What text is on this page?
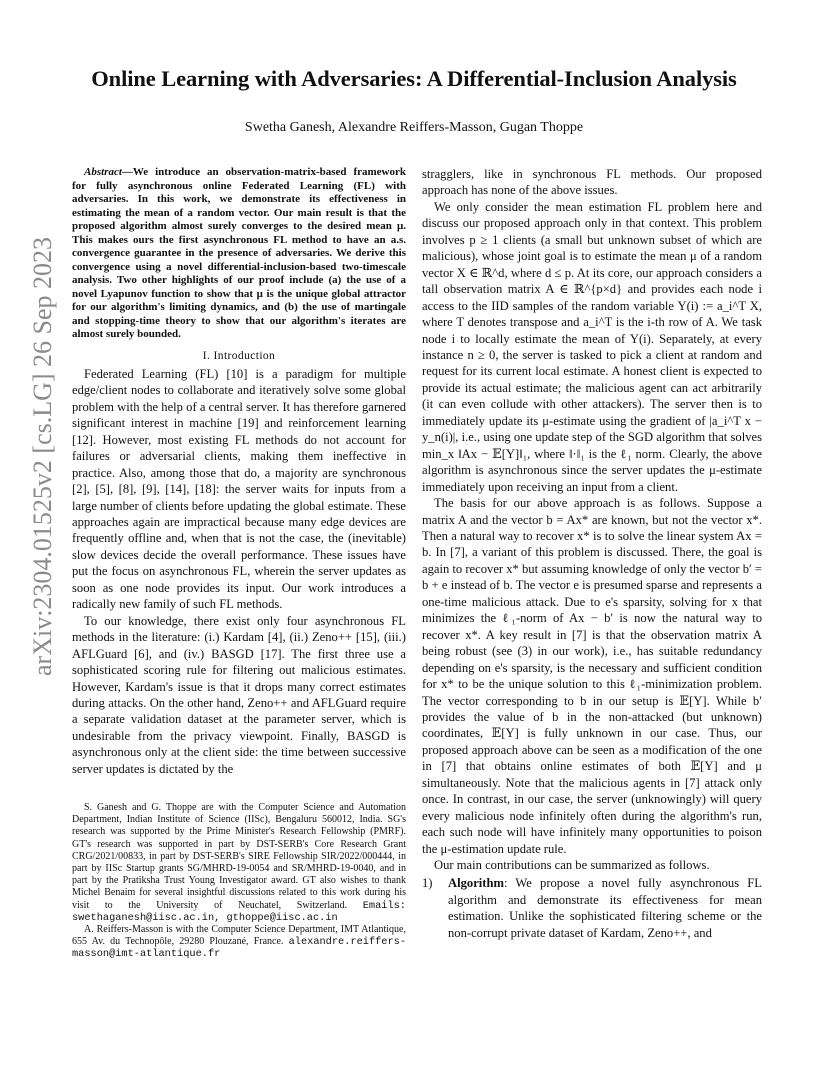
Online Learning with Adversaries: A Differential-Inclusion Analysis
Swetha Ganesh, Alexandre Reiffers-Masson, Gugan Thoppe
arXiv:2304.01525v2 [cs.LG] 26 Sep 2023
Abstract—We introduce an observation-matrix-based framework for fully asynchronous online Federated Learning (FL) with adversaries. In this work, we demonstrate its effectiveness in estimating the mean of a random vector. Our main result is that the proposed algorithm almost surely converges to the desired mean μ. This makes ours the first asynchronous FL method to have an a.s. convergence guarantee in the presence of adversaries. We derive this convergence using a novel differential-inclusion-based two-timescale analysis. Two other highlights of our proof include (a) the use of a novel Lyapunov function to show that μ is the unique global attractor for our algorithm's limiting dynamics, and (b) the use of martingale and stopping-time theory to show that our algorithm's iterates are almost surely bounded.
I. Introduction

Federated Learning (FL) [10] is a paradigm for multiple edge/client nodes to collaborate and iteratively solve some global problem with the help of a central server. It has therefore garnered significant interest in machine [19] and reinforcement learning [12]. However, most existing FL methods do not account for failures or adversarial clients, making them ineffective in practice. Also, among those that do, a majority are synchronous [2], [5], [8], [9], [14], [18]: the server waits for inputs from a large number of clients before updating the global estimate. These approaches again are impractical because many edge devices are frequently offline and, when that is not the case, the (inevitable) slow devices decide the overall performance. These issues have put the focus on asynchronous FL, wherein the server updates as soon as one node provides its input. Our work introduces a radically new family of such FL methods.

To our knowledge, there exist only four asynchronous FL methods in the literature: (i.) Kardam [4], (ii.) Zeno++ [15], (iii.) AFLGuard [6], and (iv.) BASGD [17]. The first three use a sophisticated scoring rule for filtering out malicious estimates. However, Kardam's issue is that it drops many correct estimates during attacks. On the other hand, Zeno++ and AFLGuard require a separate validation dataset at the parameter server, which is undesirable from the privacy viewpoint. Finally, BASGD is asynchronous only at the client side: the time between successive server updates is dictated by the

S. Ganesh and G. Thoppe are with the Computer Science and Automation Department, Indian Institute of Science (IISc), Bengaluru 560012, India. SG's research was supported by the Prime Minister's Research Fellowship (PMRF). GT's research was supported in part by DST-SERB's Core Research Grant CRG/2021/00833, in part by DST-SERB's SIRE Fellowship SIR/2022/000444, in part by IISc Startup grants SG/MHRD-19-0054 and SR/MHRD-19-0040, and in part by the Pratiksha Trust Young Investigator award. GT also wishes to thank Michel Benaim for several insightful discussions related to this work during his visit to the University of Neuchatel, Switzerland. Emails: swethaganesh@iisc.ac.in, gthoppe@iisc.ac.in

A. Reiffers-Masson is with the Computer Science Department, IMT Atlantique, 655 Av. du Technopôle, 29280 Plouzané, France. alexandre.reiffers-masson@imt-atlantique.fr

stragglers, like in synchronous FL methods. Our proposed approach has none of the above issues.

We only consider the mean estimation FL problem here and discuss our proposed approach only in that context. This problem involves p ≥ 1 clients (a small but unknown subset of which are malicious), whose joint goal is to estimate the mean μ of a random vector X ∈ ℝ^d, where d ≤ p. At its core, our approach considers a tall observation matrix A ∈ ℝ^{p×d} and provides each node i access to the IID samples of the random variable Y(i) := a_i^T X, where T denotes transpose and a_i^T is the i-th row of A. We task node i to locally estimate the mean of Y(i). Separately, at every instance n ≥ 0, the server is tasked to pick a client at random and request for its current local estimate. A honest client is expected to provide its actual estimate; the malicious agent can act arbitrarily (it can even collude with other attackers). The server then is to immediately update its μ-estimate using the gradient of |a_i^T x − y_n(i)|, i.e., using one update step of the SGD algorithm that solves min_x ‖Ax − 𝔼[Y]‖₁, where ‖·‖₁ is the ℓ₁ norm. Clearly, the above algorithm is asynchronous since the server updates the μ-estimate immediately upon receiving an input from a client.

The basis for our above approach is as follows. Suppose a matrix A and the vector b = Ax* are known, but not the vector x*. Then a natural way to recover x* is to solve the linear system Ax = b. In [7], a variant of this problem is discussed. There, the goal is again to recover x* but assuming knowledge of only the vector b′ = b + e instead of b. The vector e is presumed sparse and represents a one-time malicious attack. Due to e's sparsity, solving for x that minimizes the ℓ₁-norm of Ax − b′ is now the natural way to recover x*. A key result in [7] is that the observation matrix A being robust (see (3) in our work), i.e., has suitable redundancy depending on e's sparsity, is the necessary and sufficient condition for x* to be the unique solution to this ℓ₁-minimization problem. The vector corresponding to b in our setup is 𝔼[Y]. While b′ provides the value of b in the non-attacked (but unknown) coordinates, 𝔼[Y] is fully unknown in our case. Thus, our proposed approach above can be seen as a modification of the one in [7] that obtains online estimates of both 𝔼[Y] and μ simultaneously. Note that the malicious agents in [7] attack only once. In contrast, in our case, the server (unknowingly) will query every malicious node infinitely often during the algorithm's run, each such node will have infinitely many opportunities to poison the μ-estimation update rule.

Our main contributions can be summarized as follows.

1)	Algorithm: We propose a novel fully asynchronous FL algorithm and demonstrate its effectiveness for mean estimation. Unlike the sophisticated filtering scheme or the non-corrupt private dataset of Kardam, Zeno++, and
